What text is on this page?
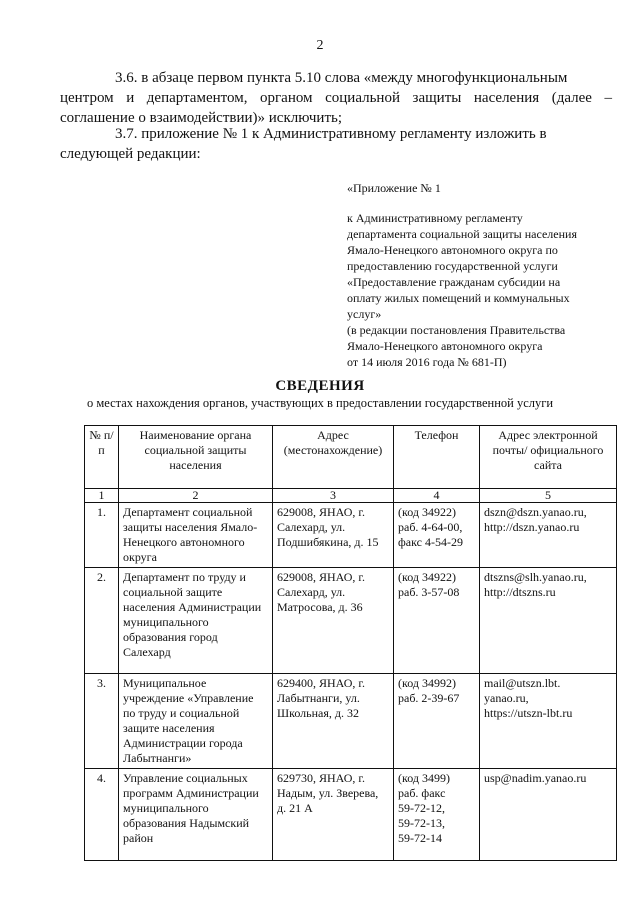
2
3.6. в абзаце первом пункта 5.10 слова «между многофункциональным
центром и департаментом, органом социальной защиты населения (далее – соглашение о взаимодействии)» исключить;
3.7. приложение № 1 к Административному регламенту изложить в
следующей редакции:
«Приложение № 1
к Административному регламенту
департамента социальной защиты населения
Ямало-Ненецкого автономного округа по
предоставлению государственной услуги
«Предоставление гражданам субсидии на
оплату жилых помещений и коммунальных
услуг»
(в редакции постановления Правительства
Ямало-Ненецкого автономного округа
от 14 июля 2016 года № 681-П)
СВЕДЕНИЯ
о местах нахождения органов, участвующих в предоставлении государственной услуги
№ п/п	Наименование органа социальной защиты населения	Адрес (местонахождение)	Телефон	Адрес электронной почты/ официального сайта
1	2	3	4	5
1.	Департамент социальной защиты населения Ямало-Ненецкого автономного округа	629008, ЯНАО, г. Салехард, ул. Подшибякина, д. 15	(код 34922)
раб. 4-64-00,
факс 4-54-29	dszn@dszn.yanao.ru,
http://dszn.yanao.ru

2.	Департамент по труду и социальной защите населения Администрации муниципального образования город Салехард	629008, ЯНАО, г. Салехард, ул. Матросова, д. 36	(код 34922)
раб. 3-57-08	dtszns@slh.yanao.ru,
http://dtszns.ru

3.	Муниципальное учреждение «Управление по труду и социальной защите населения Администрации города Лабытнанги»	629400, ЯНАО, г. Лабытнанги, ул. Школьная, д. 32	(код 34992)
раб. 2-39-67	mail@utszn.lbt.
yanao.ru,
https://utszn-lbt.ru

4.	Управление социальных программ Администрации муниципального образования Надымский район	629730, ЯНАО, г. Надым, ул. Зверева, д. 21 А	(код 3499)
раб. факс
59-72-12,
59-72-13,
59-72-14	usp@nadim.yanao.ru
